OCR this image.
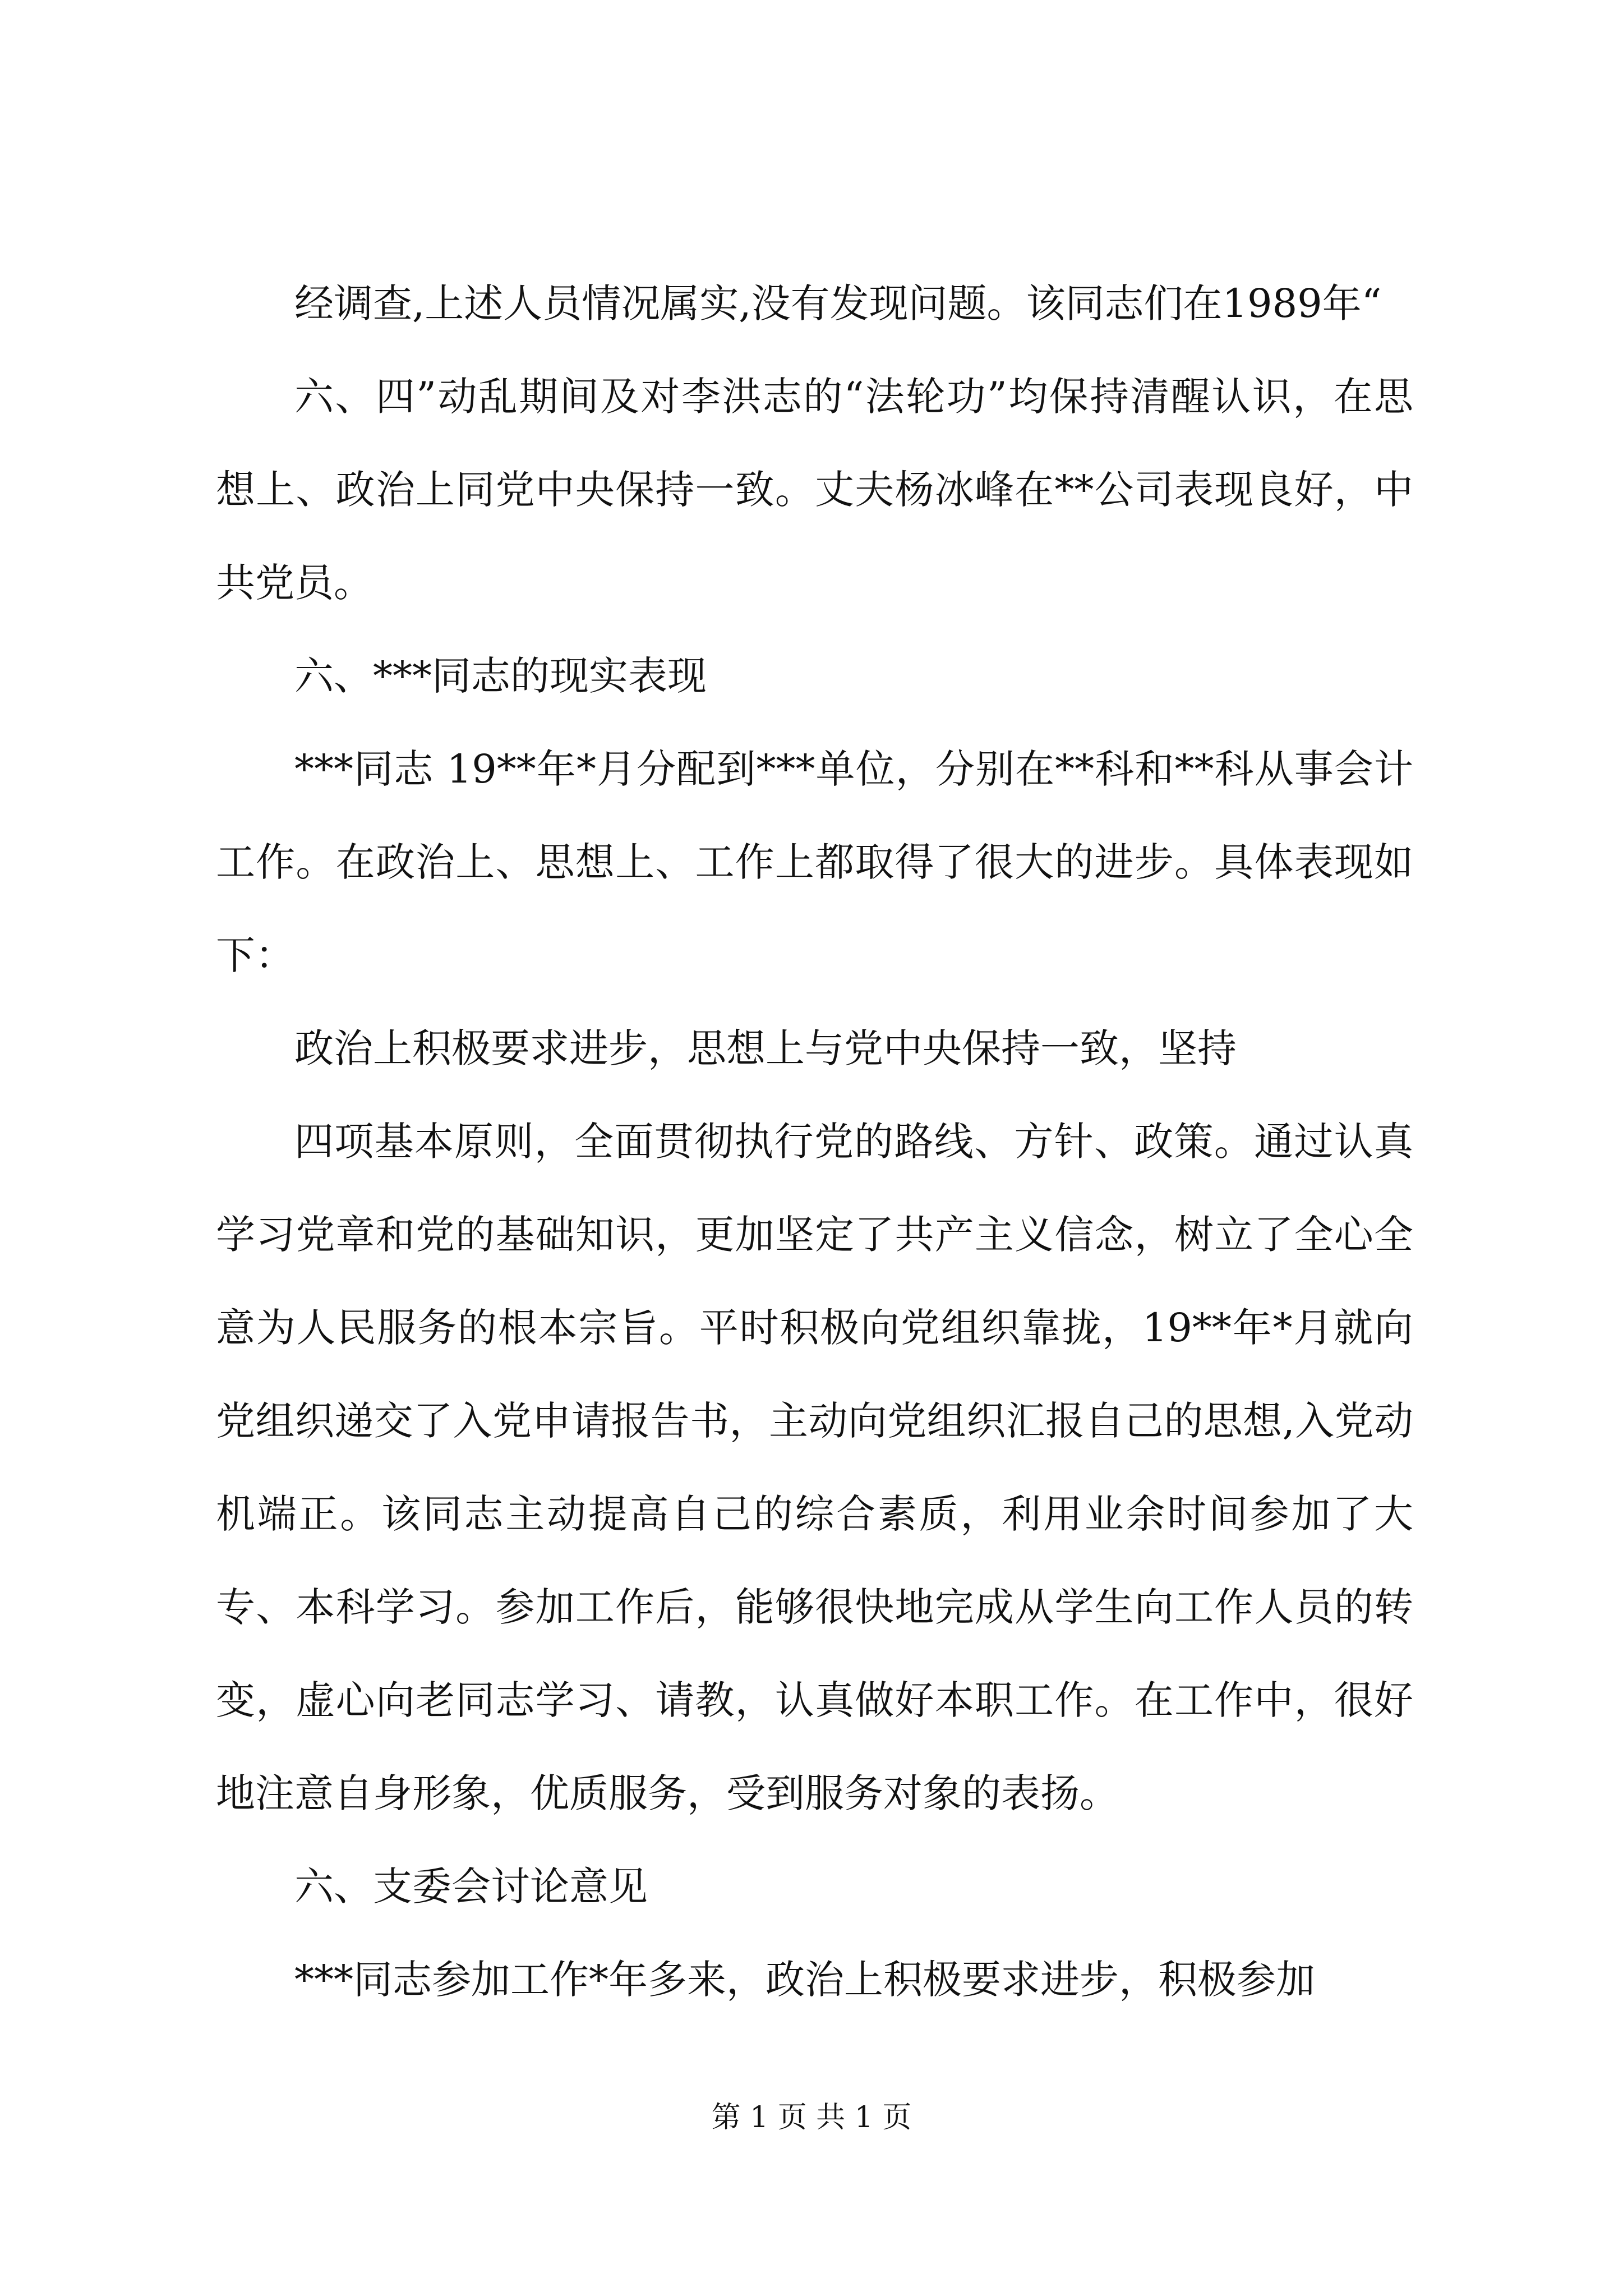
经调查,上述人员情况属实,没有发现问题。该同志们在1989年“

六、四”动乱期间及对李洪志的“法轮功”均保持清醒认识，在思想上、政治上同党中央保持一致。丈夫杨冰峰在**公司表现良好，中共党员。

六、***同志的现实表现

***同志 19**年*月分配到***单位，分别在**科和**科从事会计工作。在政治上、思想上、工作上都取得了很大的进步。具体表现如下：

政治上积极要求进步，思想上与党中央保持一致，坚持

四项基本原则，全面贯彻执行党的路线、方针、政策。通过认真学习党章和党的基础知识，更加坚定了共产主义信念，树立了全心全意为人民服务的根本宗旨。平时积极向党组织靠拢，19**年*月就向党组织递交了入党申请报告书，主动向党组织汇报自己的思想,入党动机端正。该同志主动提高自己的综合素质，利用业余时间参加了大专、本科学习。参加工作后，能够很快地完成从学生向工作人员的转变，虚心向老同志学习、请教，认真做好本职工作。在工作中，很好地注意自身形象，优质服务，受到服务对象的表扬。

六、支委会讨论意见

***同志参加工作*年多来，政治上积极要求进步，积极参加

第 1 页 共 1 页
